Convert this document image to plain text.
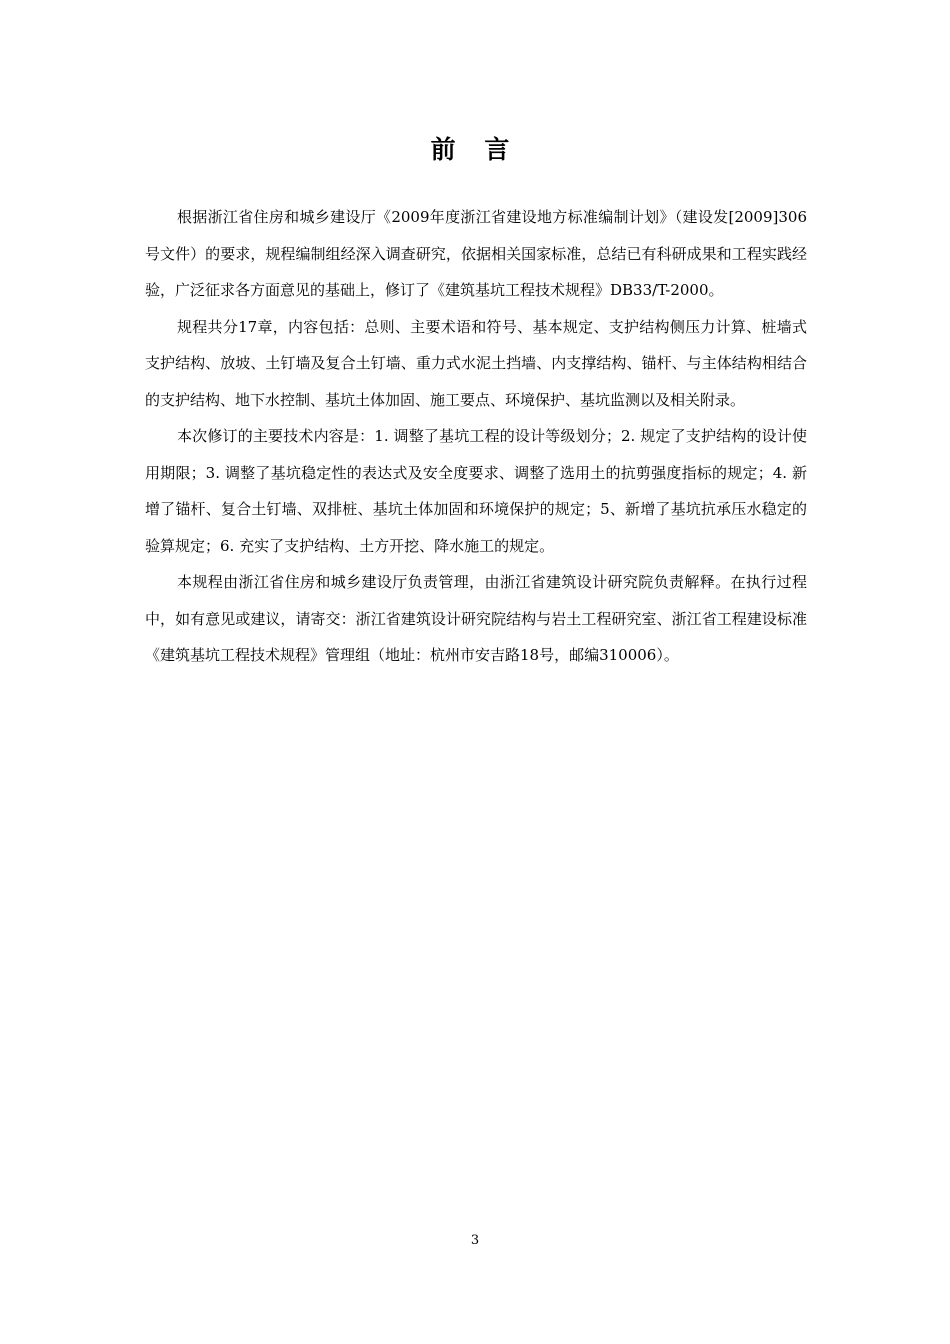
前 言

根据浙江省住房和城乡建设厅《2009年度浙江省建设地方标准编制计划》（建设发[2009]306号文件）的要求，规程编制组经深入调查研究，依据相关国家标准，总结已有科研成果和工程实践经验，广泛征求各方面意见的基础上，修订了《建筑基坑工程技术规程》DB33/T-2000。

规程共分17章，内容包括：总则、主要术语和符号、基本规定、支护结构侧压力计算、桩墙式支护结构、放坡、土钉墙及复合土钉墙、重力式水泥土挡墙、内支撑结构、锚杆、与主体结构相结合的支护结构、地下水控制、基坑土体加固、施工要点、环境保护、基坑监测以及相关附录。

本次修订的主要技术内容是：1. 调整了基坑工程的设计等级划分；2. 规定了支护结构的设计使用期限；3. 调整了基坑稳定性的表达式及安全度要求、调整了选用土的抗剪强度指标的规定；4. 新增了锚杆、复合土钉墙、双排桩、基坑土体加固和环境保护的规定；5、新增了基坑抗承压水稳定的验算规定；6. 充实了支护结构、土方开挖、降水施工的规定。

本规程由浙江省住房和城乡建设厅负责管理，由浙江省建筑设计研究院负责解释。在执行过程中，如有意见或建议，请寄交：浙江省建筑设计研究院结构与岩土工程研究室、浙江省工程建设标准《建筑基坑工程技术规程》管理组（地址：杭州市安吉路18号，邮编310006）。

3
